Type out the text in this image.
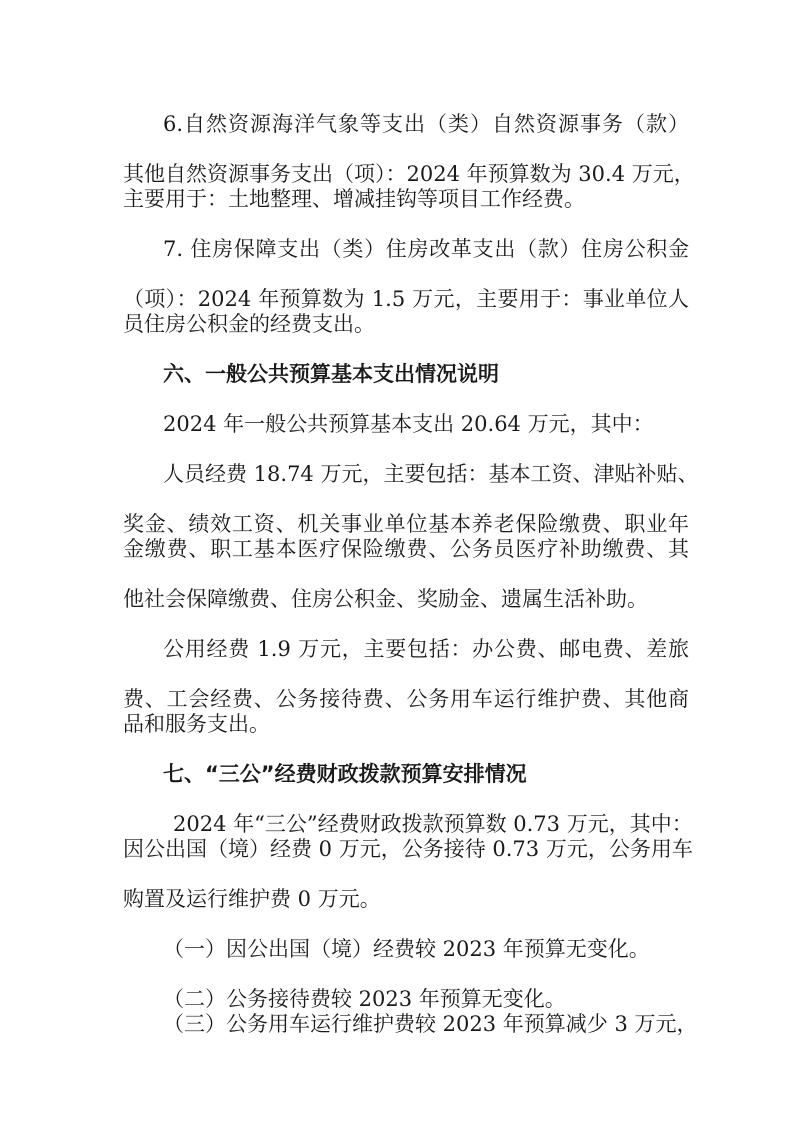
6.自然资源海洋气象等支出（类）自然资源事务（款）
其他自然资源事务支出（项）：2024 年预算数为 30.4 万元，
主要用于：土地整理、增减挂钩等项目工作经费。
7. 住房保障支出（类）住房改革支出（款）住房公积金
（项）：2024 年预算数为 1.5 万元，主要用于：事业单位人
员住房公积金的经费支出。
六、一般公共预算基本支出情况说明
2024 年一般公共预算基本支出 20.64 万元，其中：
人员经费 18.74 万元，主要包括：基本工资、津贴补贴、
奖金、绩效工资、机关事业单位基本养老保险缴费、职业年
金缴费、职工基本医疗保险缴费、公务员医疗补助缴费、其
他社会保障缴费、住房公积金、奖励金、遗属生活补助。
公用经费 1.9 万元，主要包括：办公费、邮电费、差旅
费、工会经费、公务接待费、公务用车运行维护费、其他商
品和服务支出。
七、“三公”经费财政拨款预算安排情况
2024 年“三公”经费财政拨款预算数 0.73 万元，其中：
因公出国（境）经费 0 万元，公务接待 0.73 万元，公务用车
购置及运行维护费 0 万元。
（一）因公出国（境）经费较 2023 年预算无变化。
（二）公务接待费较 2023 年预算无变化。
（三）公务用车运行维护费较 2023 年预算减少 3 万元，
